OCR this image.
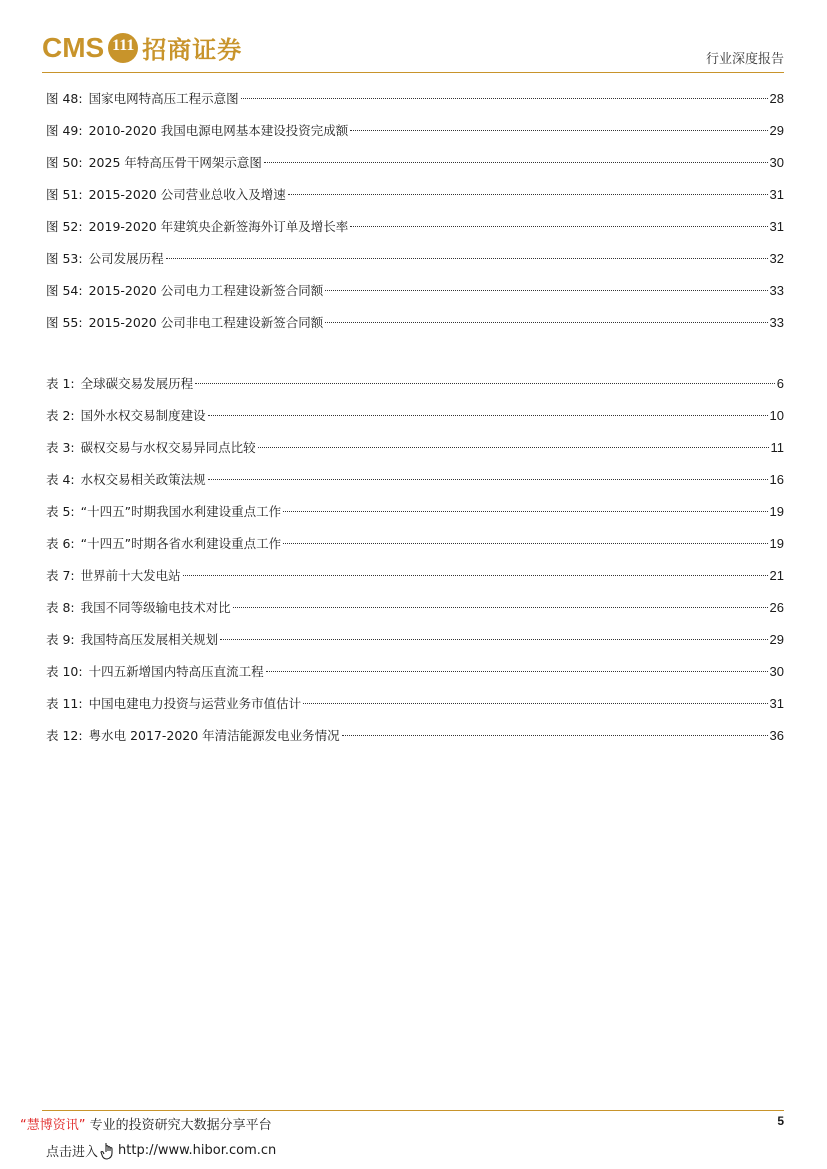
CMS 111 招商证券	行业深度报告
图 48: 国家电网特高压工程示意图	28
图 49: 2010-2020 我国电源电网基本建设投资完成额	29
图 50: 2025 年特高压骨干网架示意图	30
图 51: 2015-2020 公司营业总收入及增速	31
图 52: 2019-2020 年建筑央企新签海外订单及增长率	31
图 53: 公司发展历程	32
图 54: 2015-2020 公司电力工程建设新签合同额	33
图 55: 2015-2020 公司非电工程建设新签合同额	33
表 1: 全球碳交易发展历程	6
表 2: 国外水权交易制度建设	10
表 3: 碳权交易与水权交易异同点比较	11
表 4: 水权交易相关政策法规	16
表 5: “十四五”时期我国水利建设重点工作	19
表 6: “十四五”时期各省水利建设重点工作	19
表 7: 世界前十大发电站	21
表 8: 我国不同等级输电技术对比	26
表 9: 我国特高压发展相关规划	29
表 10: 十四五新增国内特高压直流工程	30
表 11: 中国电建电力投资与运营业务市值估计	31
表 12: 粤水电 2017-2020 年清洁能源发电业务情况	36
“慧博资讯” 专业的投资研究大数据分享平台
点击进入 http://www.hibor.com.cn
5
